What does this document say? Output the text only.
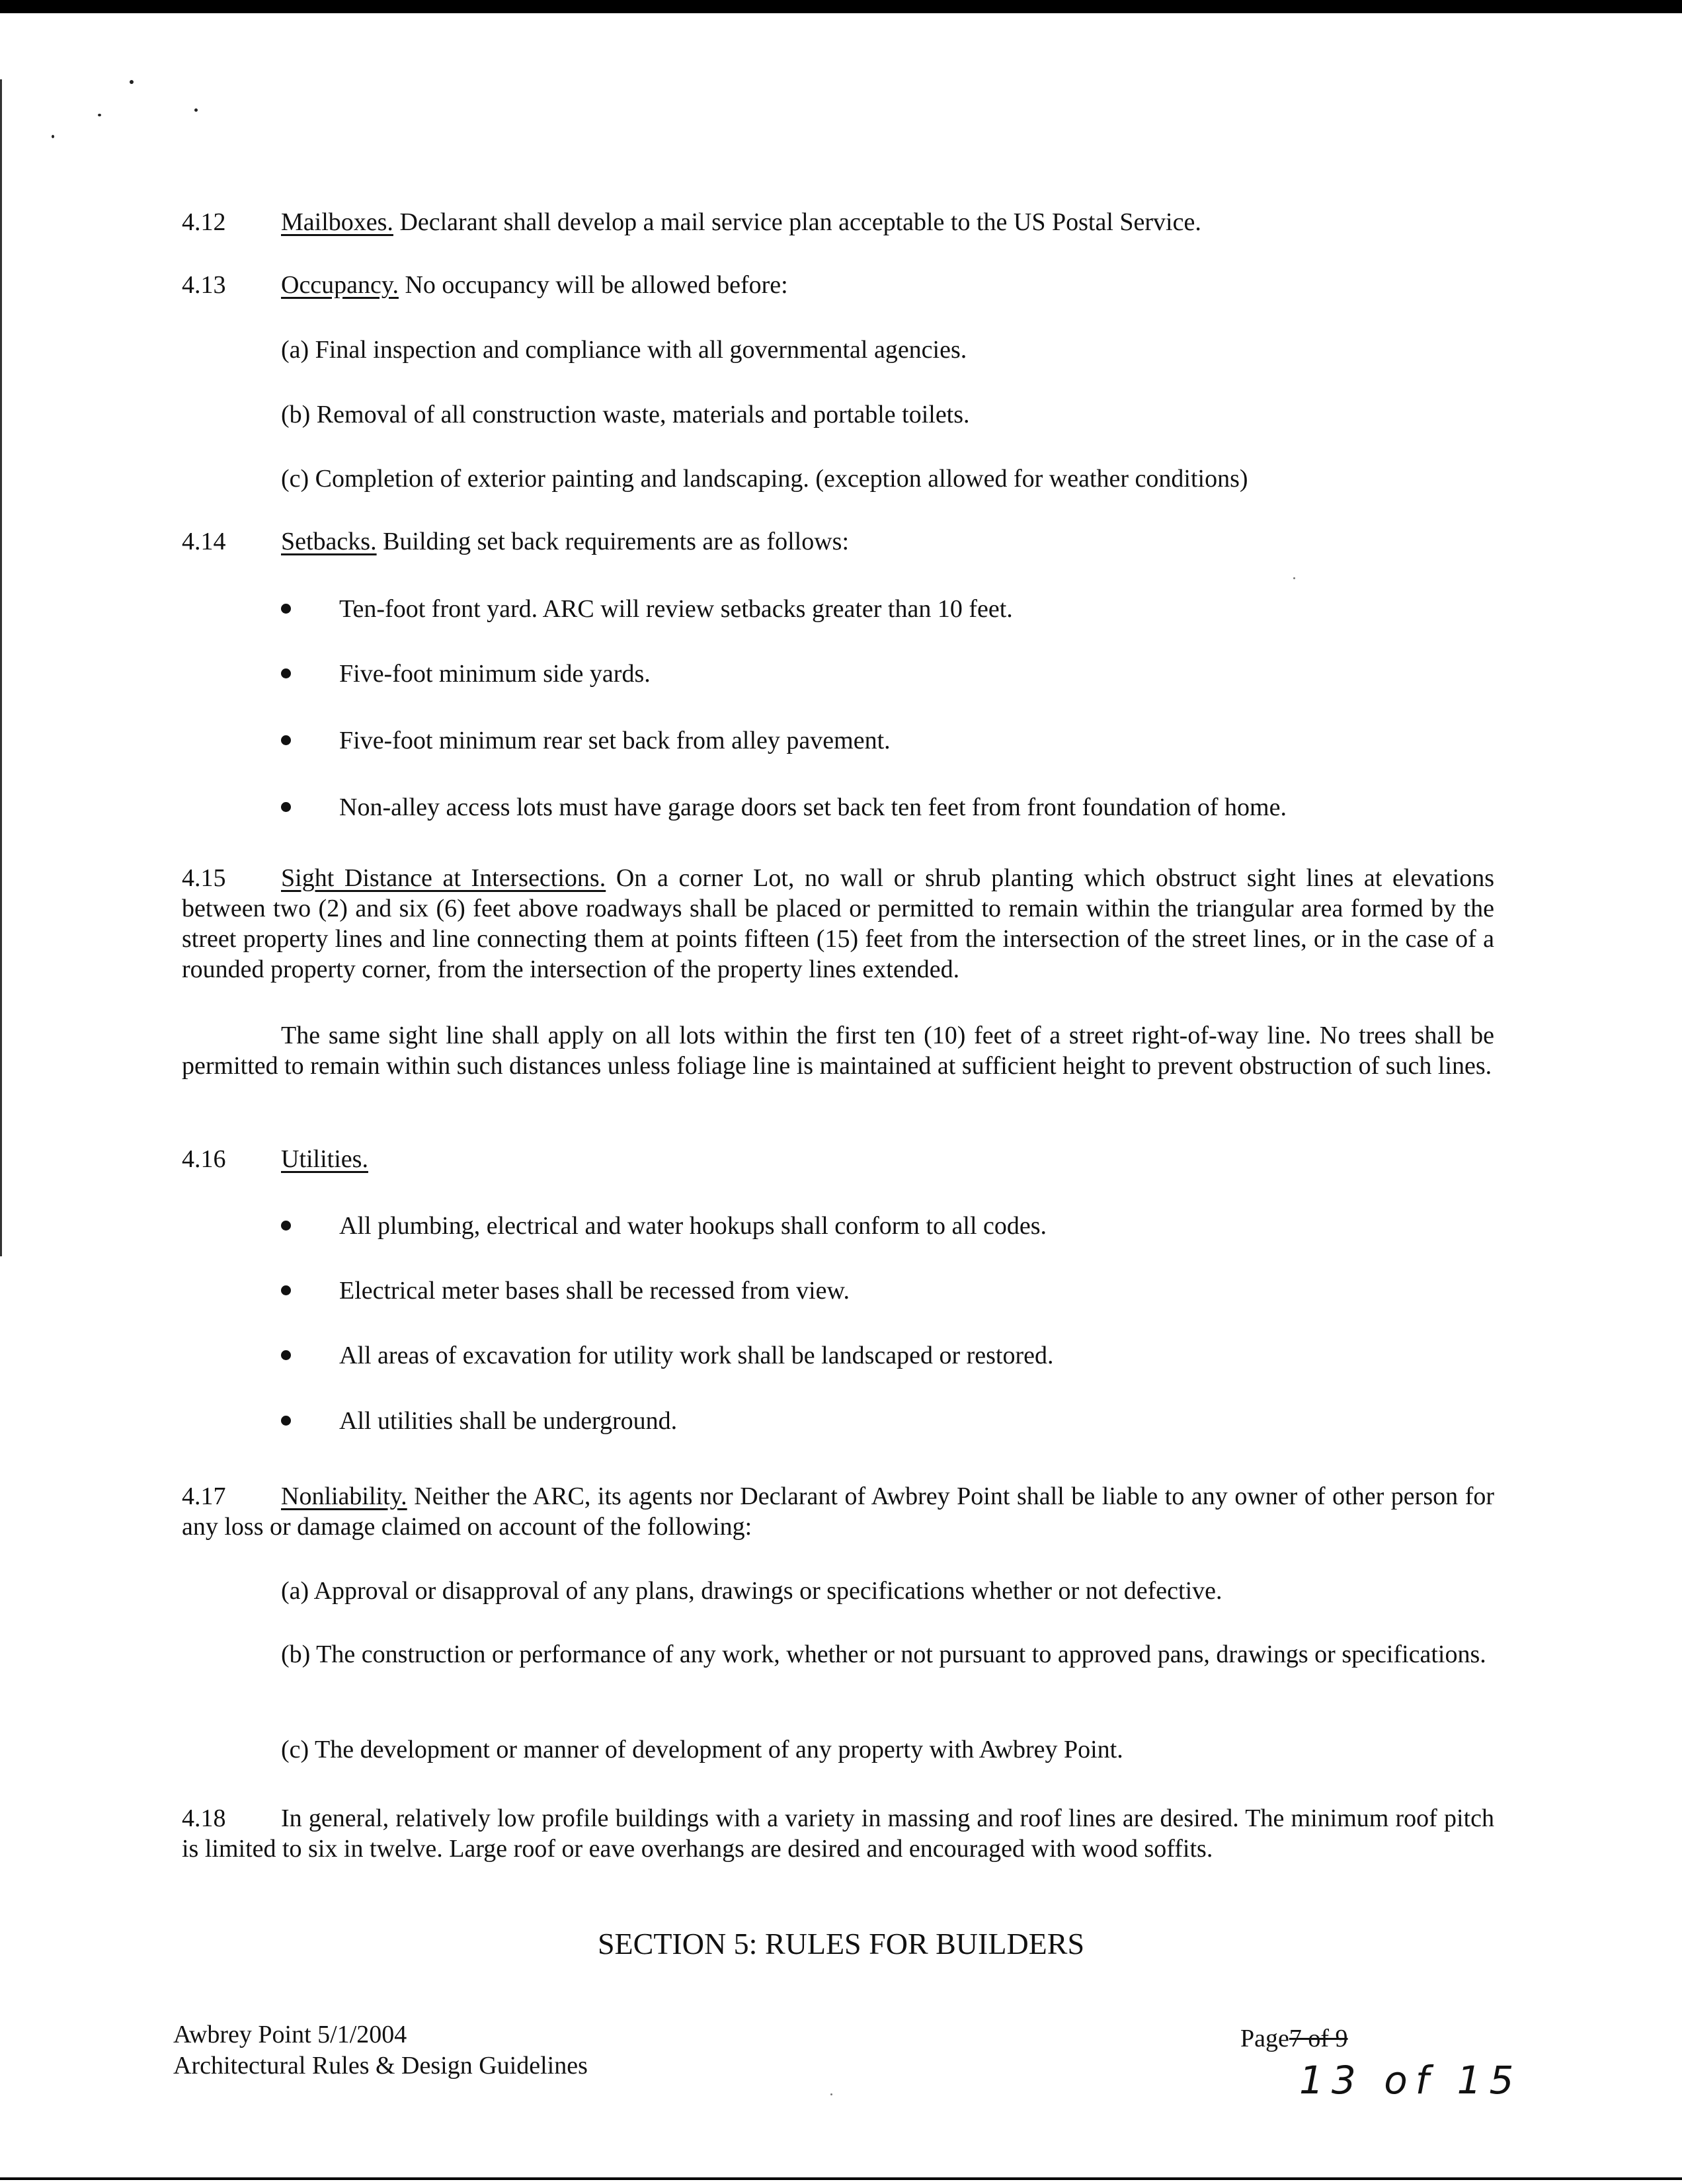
4.12 Mailboxes. Declarant shall develop a mail service plan acceptable to the US Postal Service.
4.13 Occupancy. No occupancy will be allowed before:
(a) Final inspection and compliance with all governmental agencies.
(b) Removal of all construction waste, materials and portable toilets.
(c) Completion of exterior painting and landscaping. (exception allowed for weather conditions)
4.14 Setbacks. Building set back requirements are as follows:
Ten-foot front yard. ARC will review setbacks greater than 10 feet.
Five-foot minimum side yards.
Five-foot minimum rear set back from alley pavement.
Non-alley access lots must have garage doors set back ten feet from front foundation of home.
4.15 Sight Distance at Intersections. On a corner Lot, no wall or shrub planting which obstruct sight lines at elevations between two (2) and six (6) feet above roadways shall be placed or permitted to remain within the triangular area formed by the street property lines and line connecting them at points fifteen (15) feet from the intersection of the street lines, or in the case of a rounded property corner, from the intersection of the property lines extended.
The same sight line shall apply on all lots within the first ten (10) feet of a street right-of-way line. No trees shall be permitted to remain within such distances unless foliage line is maintained at sufficient height to prevent obstruction of such lines.
4.16 Utilities.
All plumbing, electrical and water hookups shall conform to all codes.
Electrical meter bases shall be recessed from view.
All areas of excavation for utility work shall be landscaped or restored.
All utilities shall be underground.
4.17 Nonliability. Neither the ARC, its agents nor Declarant of Awbrey Point shall be liable to any owner of other person for any loss or damage claimed on account of the following:
(a) Approval or disapproval of any plans, drawings or specifications whether or not defective.
(b) The construction or performance of any work, whether or not pursuant to approved pans, drawings or specifications.
(c) The development or manner of development of any property with Awbrey Point.
4.18 In general, relatively low profile buildings with a variety in massing and roof lines are desired. The minimum roof pitch is limited to six in twelve. Large roof or eave overhangs are desired and encouraged with wood soffits.
SECTION 5: RULES FOR BUILDERS
Awbrey Point 5/1/2004
Architectural Rules & Design Guidelines
Page7 of 9
13 of 15
